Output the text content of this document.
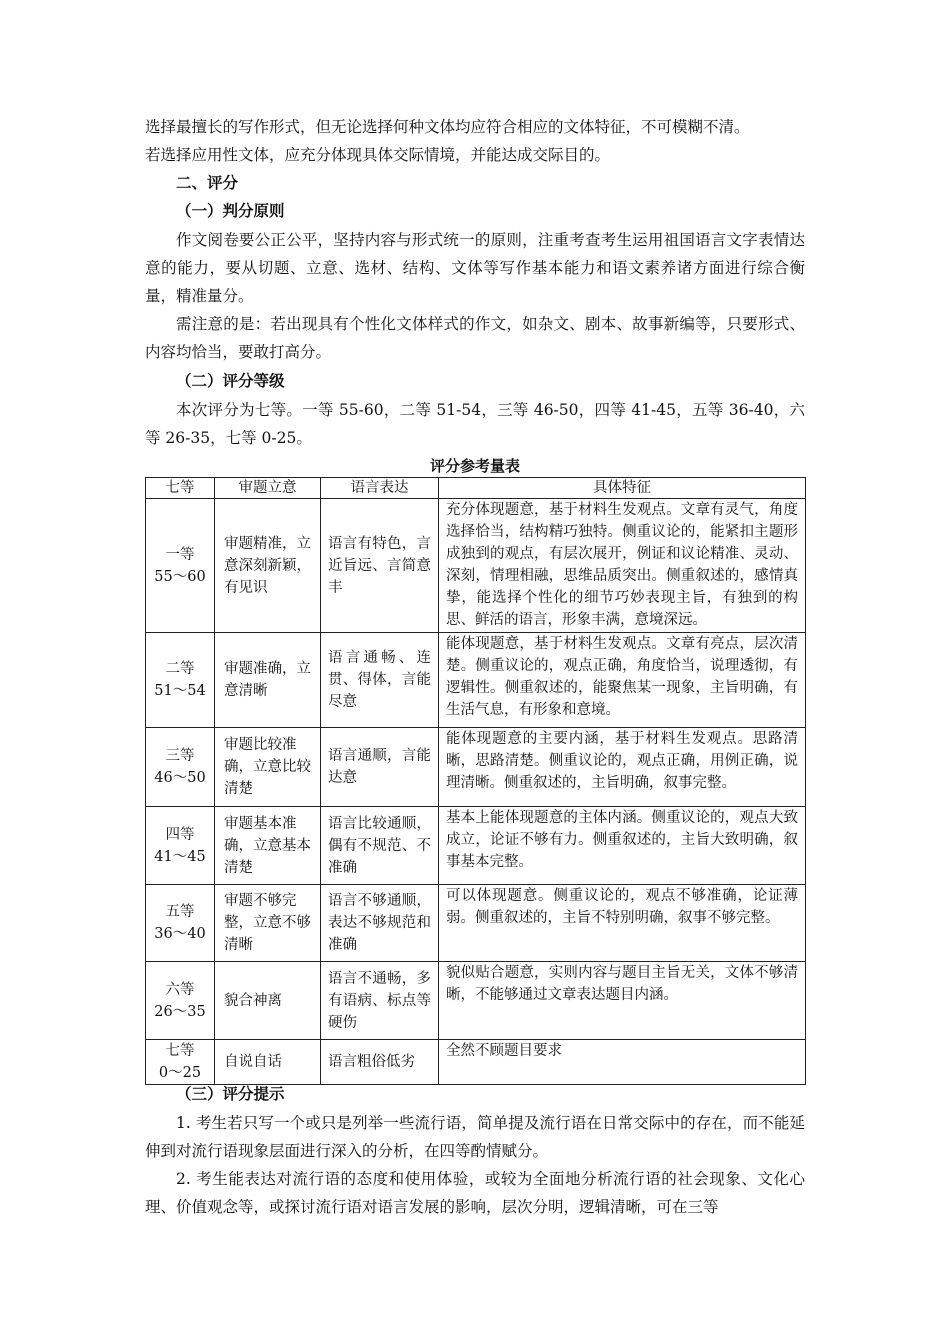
选择最擅长的写作形式，但无论选择何种文体均应符合相应的文体特征，不可模糊不清。

若选择应用性文体，应充分体现具体交际情境，并能达成交际目的。

二、评分

（一）判分原则

作文阅卷要公正公平，坚持内容与形式统一的原则，注重考查考生运用祖国语言文字表情达意的能力，要从切题、立意、选材、结构、文体等写作基本能力和语文素养诸方面进行综合衡量，精准量分。

需注意的是：若出现具有个性化文体样式的作文，如杂文、剧本、故事新编等，只要形式、内容均恰当，要敢打高分。

（二）评分等级

本次评分为七等。一等 55-60，二等 51-54，三等 46-50，四等 41-45，五等 36-40，六等 26-35，七等 0-25。

评分参考量表
七等	审题立意	语言表达	具体特征

一等
55～60	审题精准，立意深刻新颖，有见识	语言有特色，言近旨远、言简意丰	充分体现题意，基于材料生发观点。文章有灵气，角度选择恰当，结构精巧独特。侧重议论的，能紧扣主题形成独到的观点，有层次展开，例证和议论精准、灵动、深刻，情理相融，思维品质突出。侧重叙述的，感情真挚，能选择个性化的细节巧妙表现主旨，有独到的构思、鲜活的语言，形象丰满，意境深远。

二等
51～54	审题准确，立意清晰	语言通畅、连贯、得体，言能尽意	能体现题意，基于材料生发观点。文章有亮点，层次清楚。侧重议论的，观点正确，角度恰当，说理透彻，有逻辑性。侧重叙述的，能聚焦某一现象，主旨明确，有生活气息，有形象和意境。

三等
46～50	审题比较准确，立意比较清楚	语言通顺，言能达意	能体现题意的主要内涵，基于材料生发观点。思路清晰，思路清楚。侧重议论的，观点正确，用例正确，说理清晰。侧重叙述的，主旨明确，叙事完整。

四等
41～45	审题基本准确，立意基本清楚	语言比较通顺，偶有不规范、不准确	基本上能体现题意的主体内涵。侧重议论的，观点大致成立，论证不够有力。侧重叙述的，主旨大致明确，叙事基本完整。

五等
36～40	审题不够完整，立意不够清晰	语言不够通顺，表达不够规范和准确	可以体现题意。侧重议论的，观点不够准确，论证薄弱。侧重叙述的，主旨不特别明确，叙事不够完整。

六等
26～35	貌合神离	语言不通畅，多有语病、标点等硬伤	貌似贴合题意，实则内容与题目主旨无关，文体不够清晰，不能够通过文章表达题目内涵。

七等
0～25	自说自话	语言粗俗低劣	全然不顾题目要求

（三）评分提示

1. 考生若只写一个或只是列举一些流行语，简单提及流行语在日常交际中的存在，而不能延伸到对流行语现象层面进行深入的分析，在四等酌情赋分。

2. 考生能表达对流行语的态度和使用体验，或较为全面地分析流行语的社会现象、文化心理、价值观念等，或探讨流行语对语言发展的影响，层次分明，逻辑清晰，可在三等
